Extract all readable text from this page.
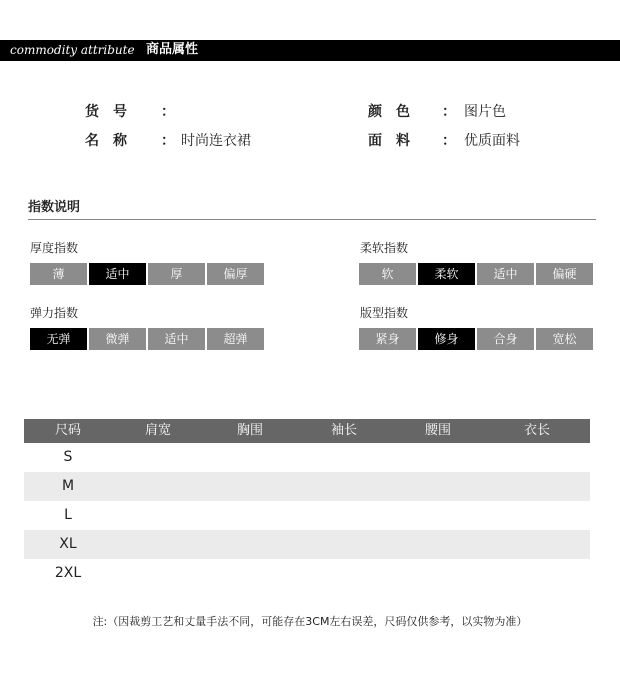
commodity attribute 商品属性
货　号 ：
名　称 ： 时尚连衣裙
颜　色 ： 图片色
面　料 ： 优质面料
指数说明
厚度指数
薄	适中	厚	偏厚
柔软指数
软	柔软	适中	偏硬
弹力指数
无弹	微弹	适中	超弹
版型指数
紧身	修身	合身	宽松
尺码	肩宽	胸围	袖长	腰围	衣长
S
M
L
XL
2XL
注:（因裁剪工艺和丈量手法不同，可能存在3CM左右误差，尺码仅供参考，以实物为准）
